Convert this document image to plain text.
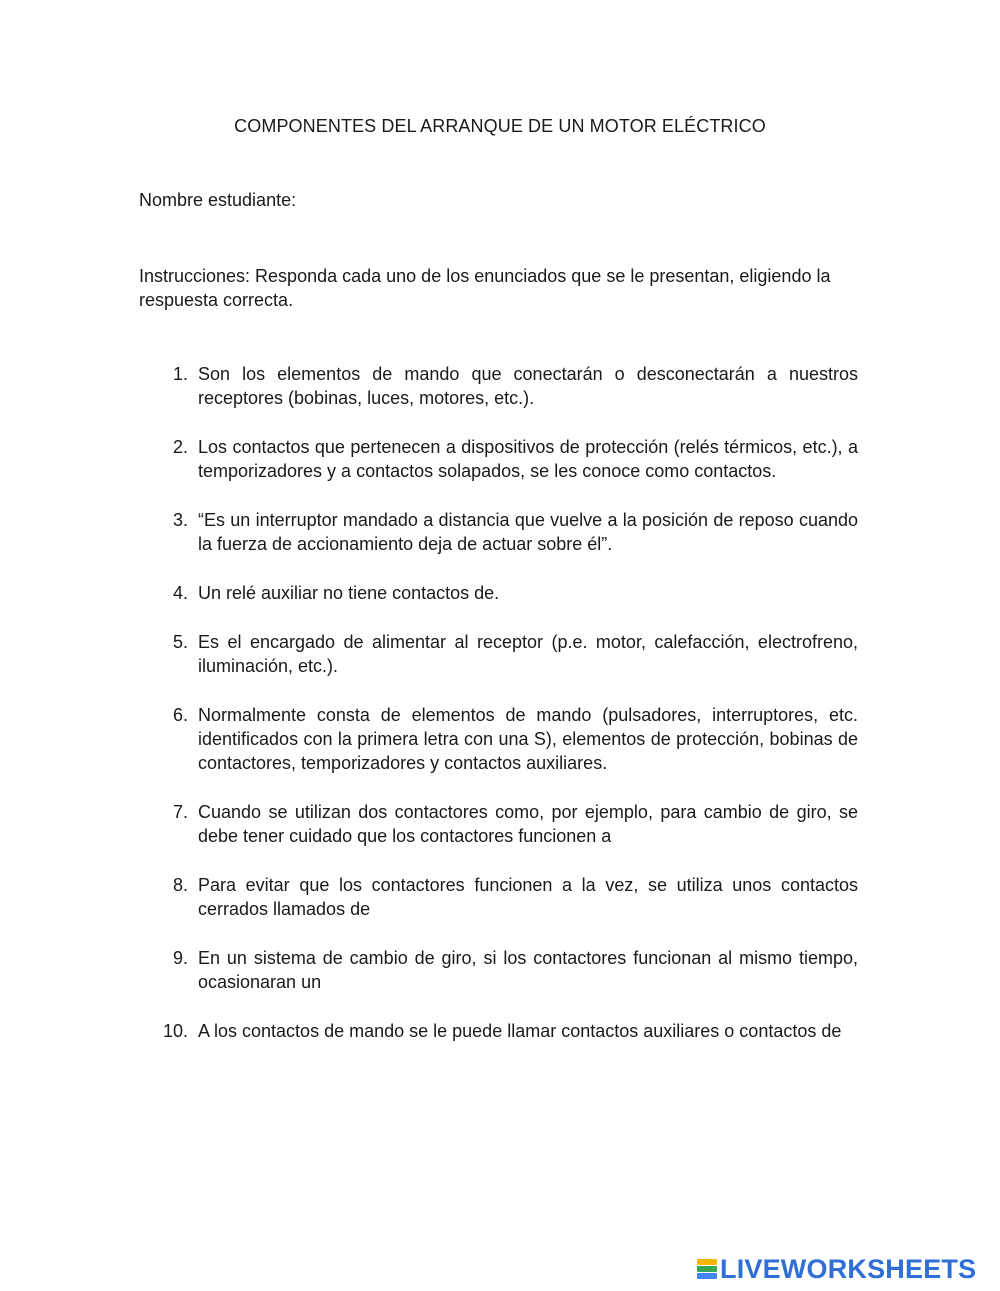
COMPONENTES DEL ARRANQUE DE UN MOTOR ELÉCTRICO
Nombre estudiante:
Instrucciones: Responda cada uno de los enunciados que se le presentan, eligiendo la respuesta correcta.
1. Son los elementos de mando que conectarán o desconectarán a nuestros receptores (bobinas, luces, motores, etc.).
2. Los contactos que pertenecen a dispositivos de protección (relés térmicos, etc.), a temporizadores y a contactos solapados, se les conoce como contactos.
3. “Es un interruptor mandado a distancia que vuelve a la posición de reposo cuando la fuerza de accionamiento deja de actuar sobre él”.
4. Un relé auxiliar no tiene contactos de.
5. Es el encargado de alimentar al receptor (p.e. motor, calefacción, electrofreno, iluminación, etc.).
6. Normalmente consta de elementos de mando (pulsadores, interruptores, etc. identificados con la primera letra con una S), elementos de protección, bobinas de contactores, temporizadores y contactos auxiliares.
7. Cuando se utilizan dos contactores como, por ejemplo, para cambio de giro, se debe tener cuidado que los contactores funcionen a
8. Para evitar que los contactores funcionen a la vez, se utiliza unos contactos cerrados llamados de
9. En un sistema de cambio de giro, si los contactores funcionan al mismo tiempo, ocasionaran un
10. A los contactos de mando se le puede llamar contactos auxiliares o contactos de
LIVEWORKSHEETS
